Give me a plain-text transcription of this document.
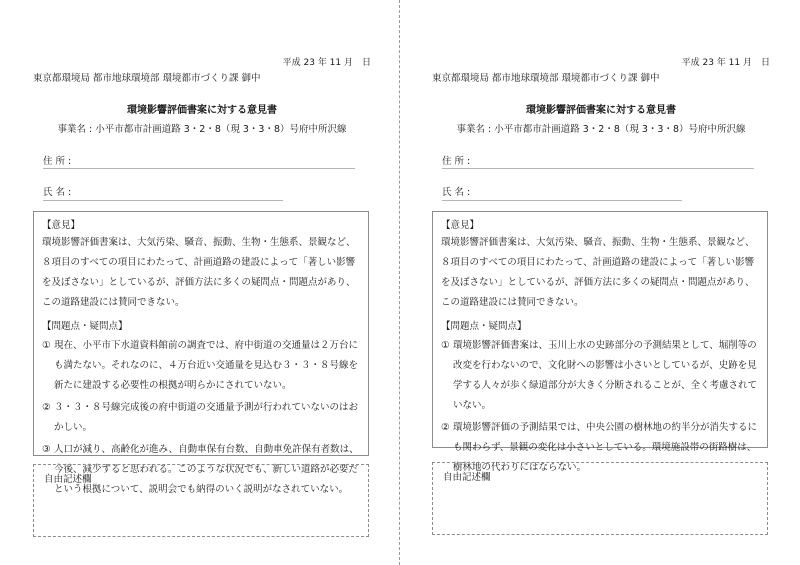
平成 23 年 11 月　日
東京都環境局 都市地球環境部 環境都市づくり課 御中
環境影響評価書案に対する意見書
事業名 : 小平市都市計画道路 3・2・8（現 3・3・8）号府中所沢線
住 所 :
氏 名 :

【意見】

環境影響評価書案は、大気汚染、騒音、振動、生物・生態系、景観など、８項目のすべての項目にわたって、計画道路の建設によって「著しい影響を及ぼさない」としているが、評価方法に多くの疑問点・問題点があり、この道路建設には賛同できない。

【問題点・疑問点】

① 現在、小平市下水道資料館前の調査では、府中街道の交通量は２万台にも満たない。それなのに、４万台近い交通量を見込む３・３・８号線を新たに建設する必要性の根拠が明らかにされていない。
② ３・３・８号線完成後の府中街道の交通量予測が行われていないのはおかしい。
③ 人口が減り、高齢化が進み、自動車保有台数、自動車免許保有者数は、今後、減少すると思われる。このような状況でも、新しい道路が必要だという根拠について、説明会でも納得のいく説明がなされていない。
自由記述欄
平成 23 年 11 月　日
東京都環境局 都市地球環境部 環境都市づくり課 御中
環境影響評価書案に対する意見書
事業名 : 小平市都市計画道路 3・2・8（現 3・3・8）号府中所沢線
住 所 :
氏 名 :

【意見】

環境影響評価書案は、大気汚染、騒音、振動、生物・生態系、景観など、８項目のすべての項目にわたって、計画道路の建設によって「著しい影響を及ぼさない」としているが、評価方法に多くの疑問点・問題点があり、この道路建設には賛同できない。

【問題点・疑問点】

① 環境影響評価書案は、玉川上水の史跡部分の予測結果として、堀削等の改変を行わないので、文化財への影響は小さいとしているが、史跡を見学する人々が歩く緑道部分が大きく分断されることが、全く考慮されていない。
② 環境影響評価の予測結果では、中央公園の樹林地の約半分が消失するにも関わらず、景観の変化は小さいとしている。環境施設帯の街路樹は、樹林地の代わりにはならない。
自由記述欄
